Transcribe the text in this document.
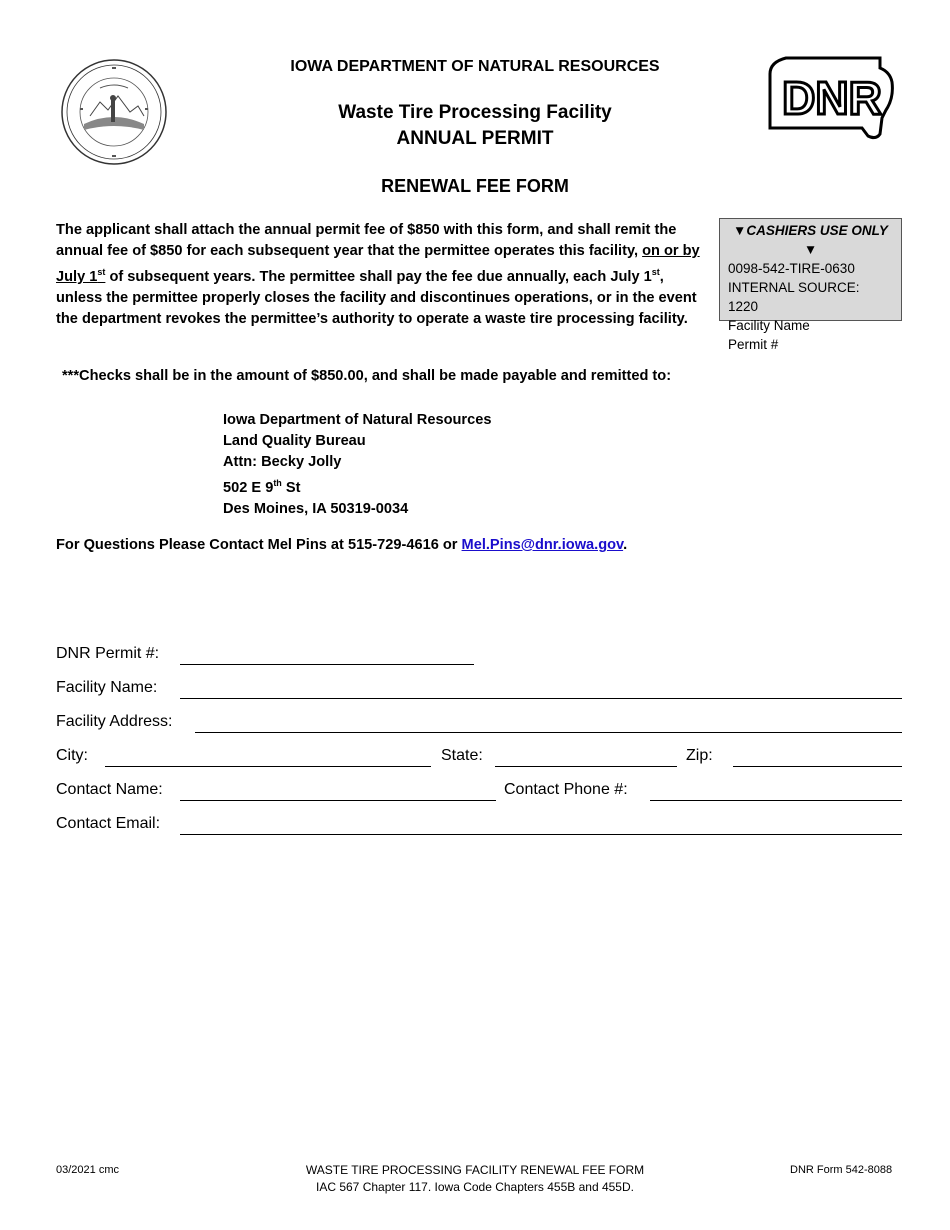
DNR
IOWA DEPARTMENT OF NATURAL RESOURCES
Waste Tire Processing Facility
ANNUAL PERMIT
RENEWAL FEE FORM
The applicant shall attach the annual permit fee of $850 with this form, and shall remit the annual fee of $850 for each subsequent year that the permittee operates this facility, on or by July 1st of subsequent years. The permittee shall pay the fee due annually, each July 1st, unless the permittee properly closes the facility and discontinues operations, or in the event the department revokes the permittee’s authority to operate a waste tire processing facility.
▼CASHIERS USE ONLY ▼
0098-542-TIRE-0630
INTERNAL SOURCE: 1220
Facility Name
Permit #
***Checks shall be in the amount of $850.00, and shall be made payable and remitted to:
Iowa Department of Natural Resources
Land Quality Bureau
Attn: Becky Jolly
502 E 9th St
Des Moines, IA 50319-0034
For Questions Please Contact Mel Pins at 515-729-4616 or Mel.Pins@dnr.iowa.gov.
DNR Permit #:
Facility Name:
Facility Address:
City:	State:	Zip:
Contact Name:	Contact Phone #:
Contact Email:
03/2021 cmc	WASTE TIRE PROCESSING FACILITY RENEWAL FEE FORM
IAC 567 Chapter 117. Iowa Code Chapters 455B and 455D.
DNR Form 542-8088
